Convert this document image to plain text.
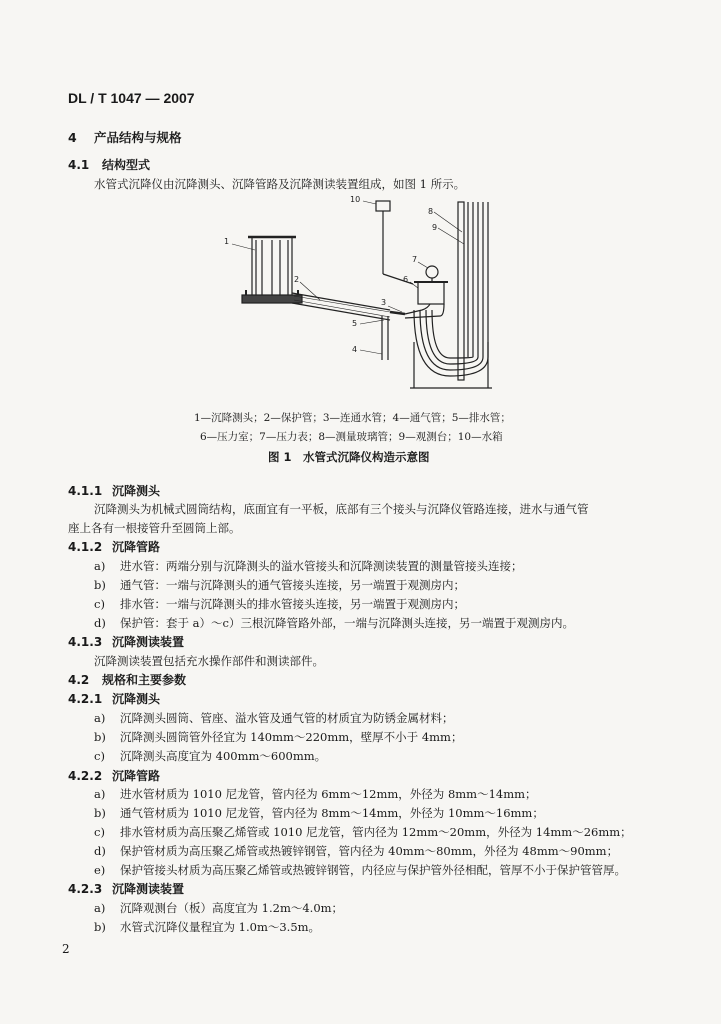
DL / T 1047 — 2007
4 产品结构与规格
4.1 结构型式
水管式沉降仪由沉降测头、沉降管路及沉降测读装置组成，如图 1 所示。
1
2
3
4
5
6
7
8
9
10
1—沉降测头；2—保护管；3—连通水管；4—通气管；5—排水管；
6—压力室；7—压力表；8—测量玻璃管；9—观测台；10—水箱
图 1　水管式沉降仪构造示意图
4.1.1 沉降测头
沉降测头为机械式圆筒结构，底面宜有一平板，底部有三个接头与沉降仪管路连接，进水与通气管
座上各有一根接管升至圆筒上部。
4.1.2 沉降管路
a) 进水管：两端分别与沉降测头的溢水管接头和沉降测读装置的测量管接头连接；
b) 通气管：一端与沉降测头的通气管接头连接，另一端置于观测房内；
c) 排水管：一端与沉降测头的排水管接头连接，另一端置于观测房内；
d) 保护管：套于 a）～c）三根沉降管路外部，一端与沉降测头连接，另一端置于观测房内。
4.1.3 沉降测读装置
沉降测读装置包括充水操作部件和测读部件。
4.2 规格和主要参数
4.2.1 沉降测头
a) 沉降测头圆筒、管座、溢水管及通气管的材质宜为防锈金属材料；
b) 沉降测头圆筒管外径宜为 140mm～220mm，壁厚不小于 4mm；
c) 沉降测头高度宜为 400mm～600mm。
4.2.2 沉降管路
a) 进水管材质为 1010 尼龙管，管内径为 6mm～12mm，外径为 8mm～14mm；
b) 通气管材质为 1010 尼龙管，管内径为 8mm～14mm，外径为 10mm～16mm；
c) 排水管材质为高压聚乙烯管或 1010 尼龙管，管内径为 12mm～20mm，外径为 14mm～26mm；
d) 保护管材质为高压聚乙烯管或热镀锌钢管，管内径为 40mm～80mm，外径为 48mm～90mm；
e) 保护管接头材质为高压聚乙烯管或热镀锌钢管，内径应与保护管外径相配，管厚不小于保护管管厚。
4.2.3 沉降测读装置
a) 沉降观测台（板）高度宜为 1.2m～4.0m；
b) 水管式沉降仪量程宜为 1.0m～3.5m。
2
